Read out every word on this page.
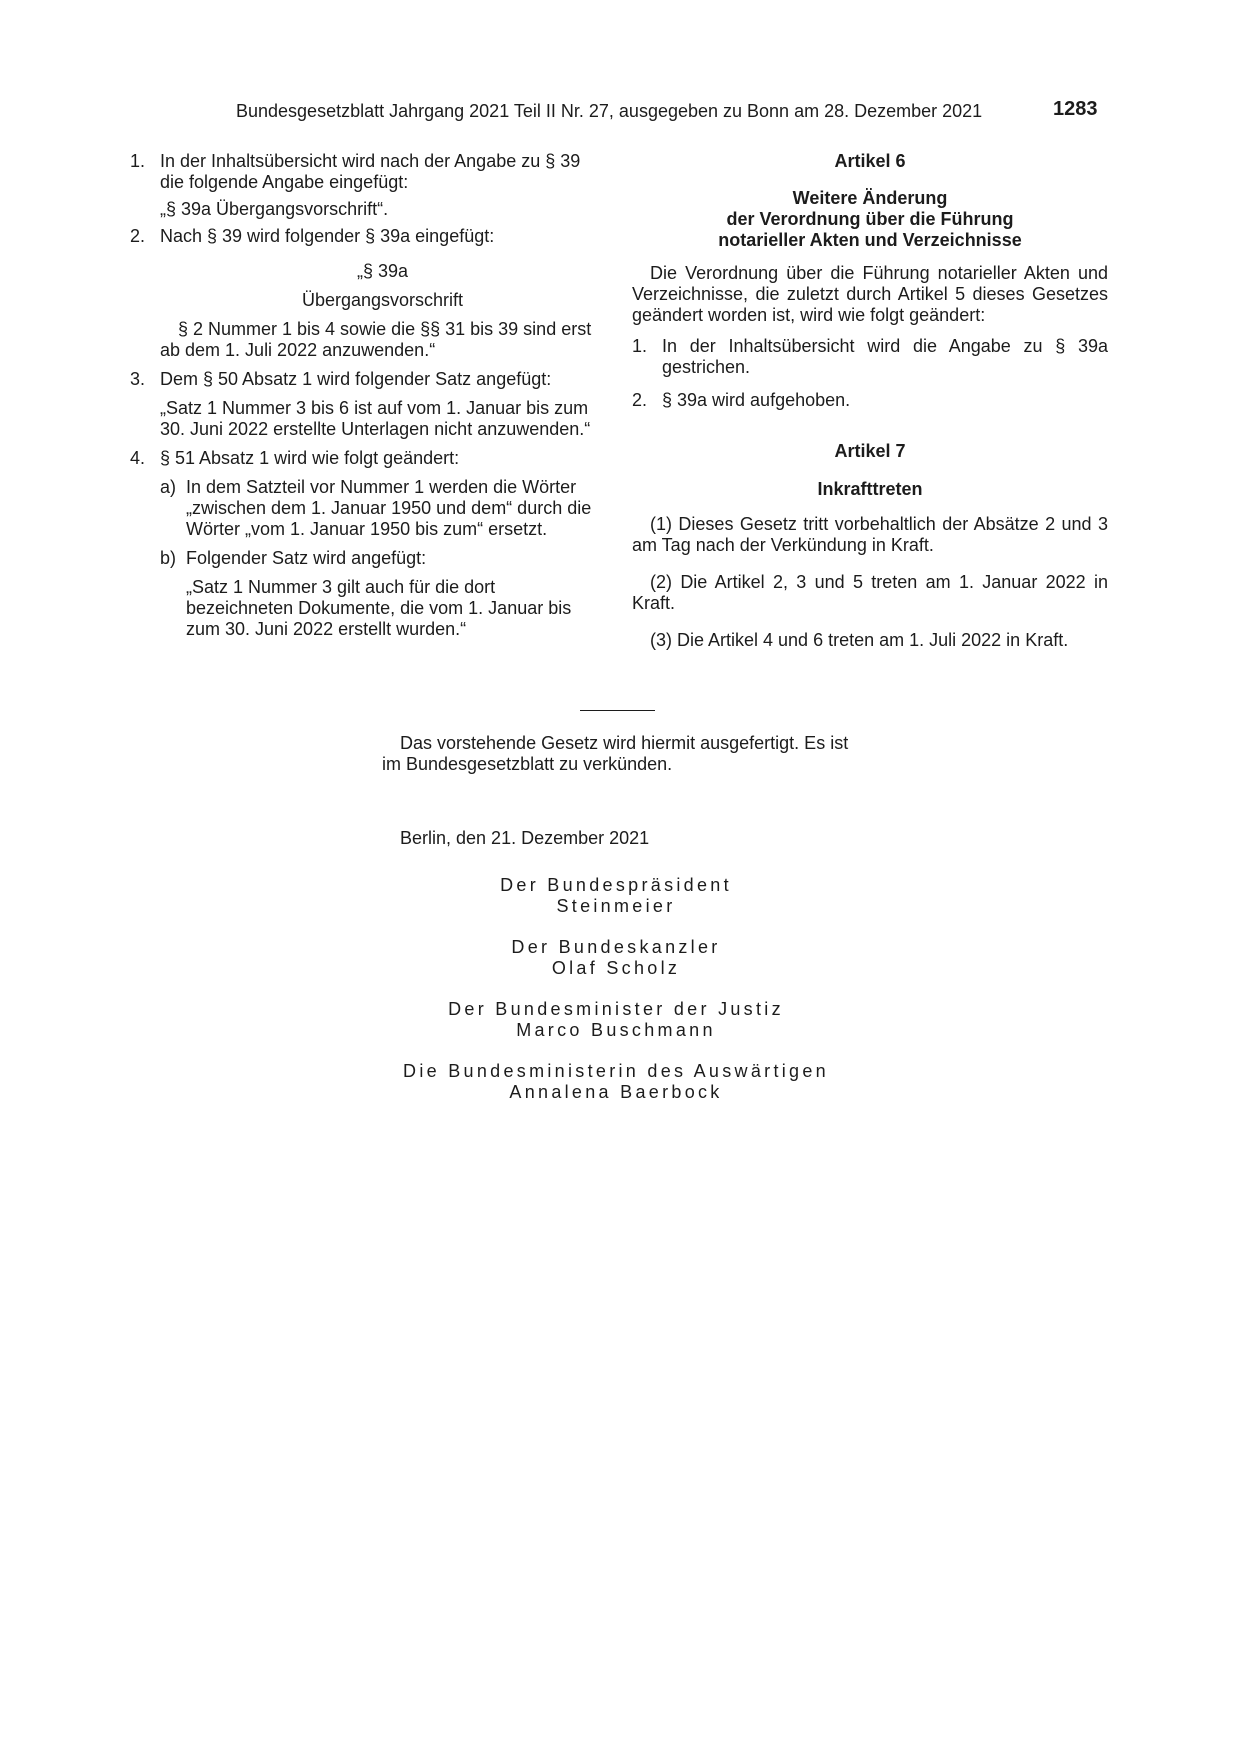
Bundesgesetzblatt Jahrgang 2021 Teil II Nr. 27, ausgegeben zu Bonn am 28. Dezember 2021	1283
1. In der Inhaltsübersicht wird nach der Angabe zu § 39 die folgende Angabe eingefügt:
„§ 39a Übergangsvorschrift“.
2. Nach § 39 wird folgender § 39a eingefügt:
„§ 39a
Übergangsvorschrift
§ 2 Nummer 1 bis 4 sowie die §§ 31 bis 39 sind erst ab dem 1. Juli 2022 anzuwenden.“
3. Dem § 50 Absatz 1 wird folgender Satz angefügt:
„Satz 1 Nummer 3 bis 6 ist auf vom 1. Januar bis zum 30. Juni 2022 erstellte Unterlagen nicht anzuwenden.“
4. § 51 Absatz 1 wird wie folgt geändert:
a) In dem Satzteil vor Nummer 1 werden die Wörter „zwischen dem 1. Januar 1950 und dem“ durch die Wörter „vom 1. Januar 1950 bis zum“ ersetzt.
b) Folgender Satz wird angefügt:
„Satz 1 Nummer 3 gilt auch für die dort bezeichneten Dokumente, die vom 1. Januar bis zum 30. Juni 2022 erstellt wurden.“
Artikel 6
Weitere Änderung
der Verordnung über die Führung
notarieller Akten und Verzeichnisse
Die Verordnung über die Führung notarieller Akten und Verzeichnisse, die zuletzt durch Artikel 5 dieses Gesetzes geändert worden ist, wird wie folgt geändert:
1. In der Inhaltsübersicht wird die Angabe zu § 39a gestrichen.
2. § 39a wird aufgehoben.
Artikel 7
Inkrafttreten
(1) Dieses Gesetz tritt vorbehaltlich der Absätze 2 und 3 am Tag nach der Verkündung in Kraft.
(2) Die Artikel 2, 3 und 5 treten am 1. Januar 2022 in Kraft.
(3) Die Artikel 4 und 6 treten am 1. Juli 2022 in Kraft.
Das vorstehende Gesetz wird hiermit ausgefertigt. Es ist im Bundesgesetzblatt zu verkünden.
Berlin, den 21. Dezember 2021

Der Bundespräsident

Steinmeier

Der Bundeskanzler

Olaf Scholz

Der Bundesminister der Justiz

Marco Buschmann

Die Bundesministerin des Auswärtigen

Annalena Baerbock
